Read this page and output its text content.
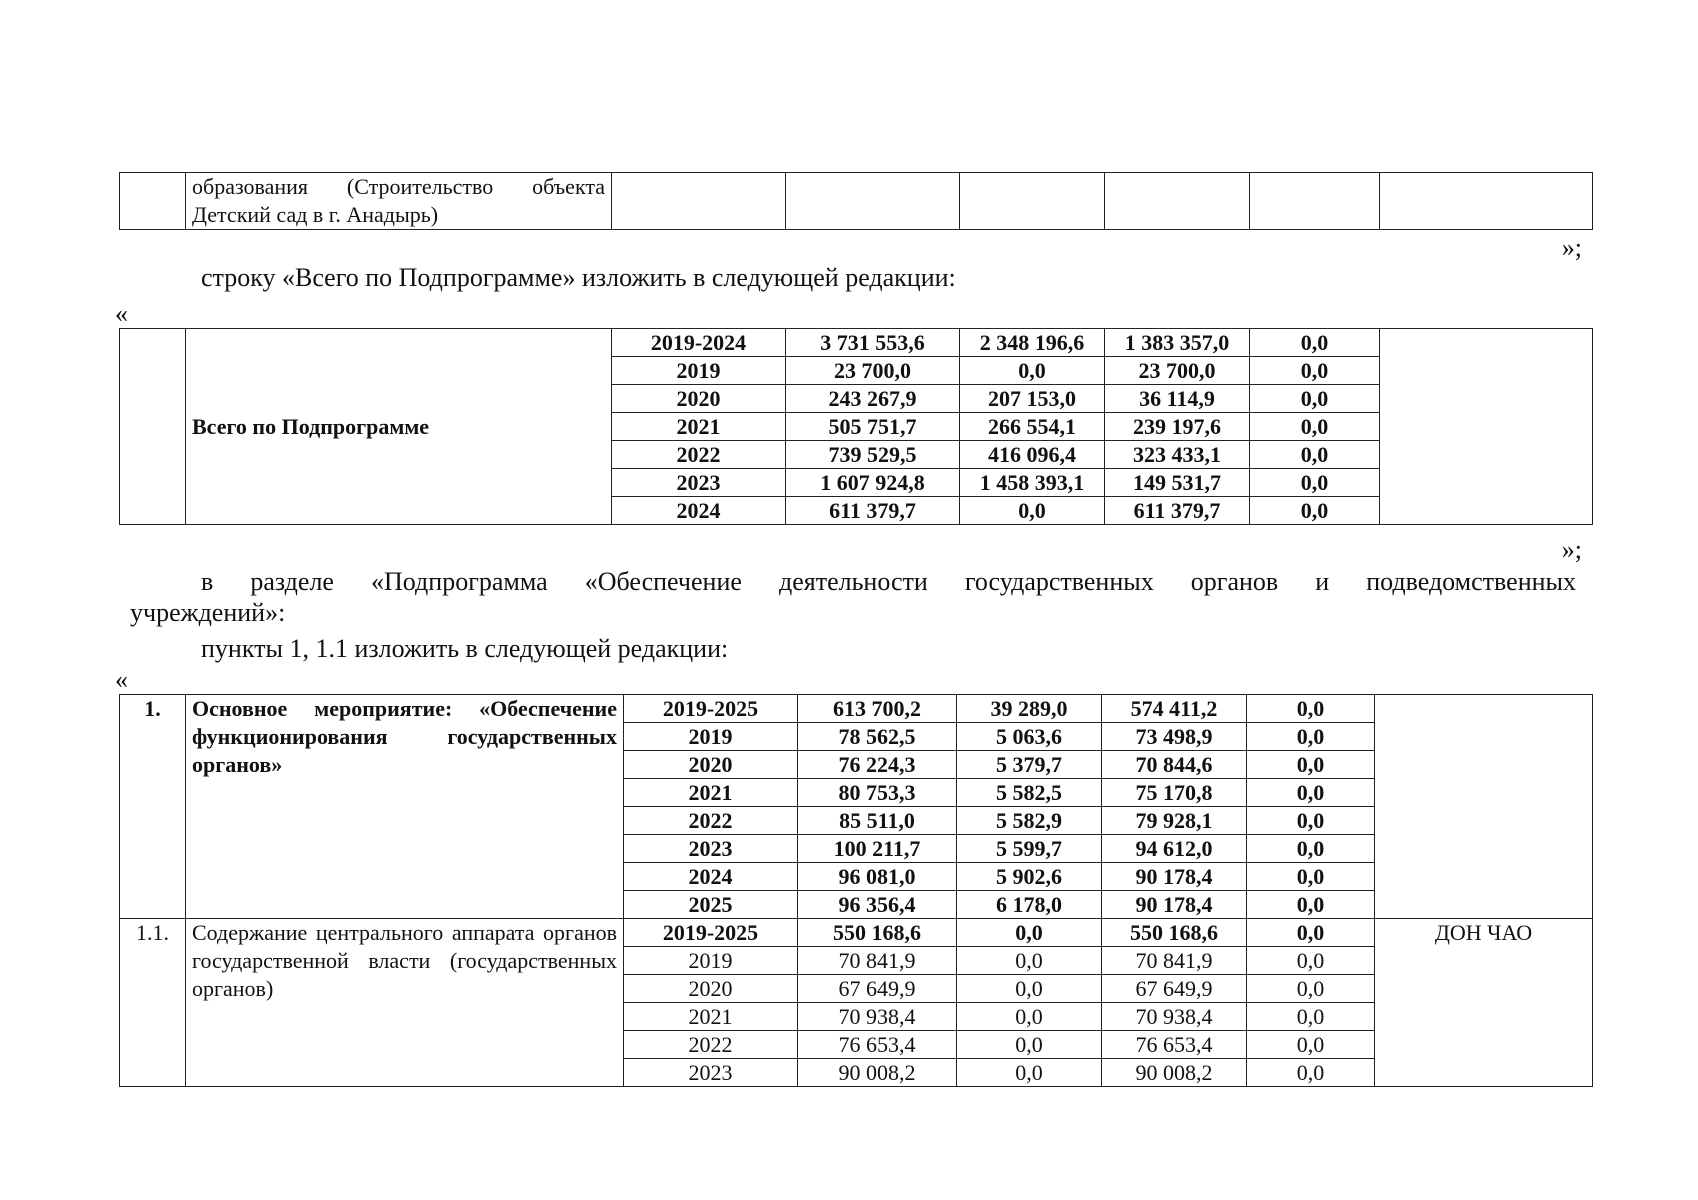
образования (Строительство объекта
Детский сад в г. Анадырь)

»;
строку «Всего по Подпрограмме» изложить в следующей редакции:
«
	Всего по Подпрограмме	2019-2024	3 731 553,6	2 348 196,6	1 383 357,0	0,0	
		2019	23 700,0	0,0	23 700,0	0,0	
		2020	243 267,9	207 153,0	36 114,9	0,0	
		2021	505 751,7	266 554,1	239 197,6	0,0	
		2022	739 529,5	416 096,4	323 433,1	0,0	
		2023	1 607 924,8	1 458 393,1	149 531,7	0,0	
		2024	611 379,7	0,0	611 379,7	0,0	
»;
в разделе «Подпрограмма «Обеспечение деятельности государственных органов и подведомственных
учреждений»:
пункты 1, 1.1 изложить в следующей редакции:
«
1.	Основное мероприятие: «Обеспечение функционирования государственных органов»	2019-2025	613 700,2	39 289,0	574 411,2	0,0	
		2019	78 562,5	5 063,6	73 498,9	0,0	
		2020	76 224,3	5 379,7	70 844,6	0,0	
		2021	80 753,3	5 582,5	75 170,8	0,0	
		2022	85 511,0	5 582,9	79 928,1	0,0	
		2023	100 211,7	5 599,7	94 612,0	0,0	
		2024	96 081,0	5 902,6	90 178,4	0,0	
		2025	96 356,4	6 178,0	90 178,4	0,0	
1.1.	Содержание центрального аппарата органов государственной власти (государственных органов)	2019-2025	550 168,6	0,0	550 168,6	0,0	ДОН ЧАО
		2019	70 841,9	0,0	70 841,9	0,0	
		2020	67 649,9	0,0	67 649,9	0,0	
		2021	70 938,4	0,0	70 938,4	0,0	
		2022	76 653,4	0,0	76 653,4	0,0	
		2023	90 008,2	0,0	90 008,2	0,0	
